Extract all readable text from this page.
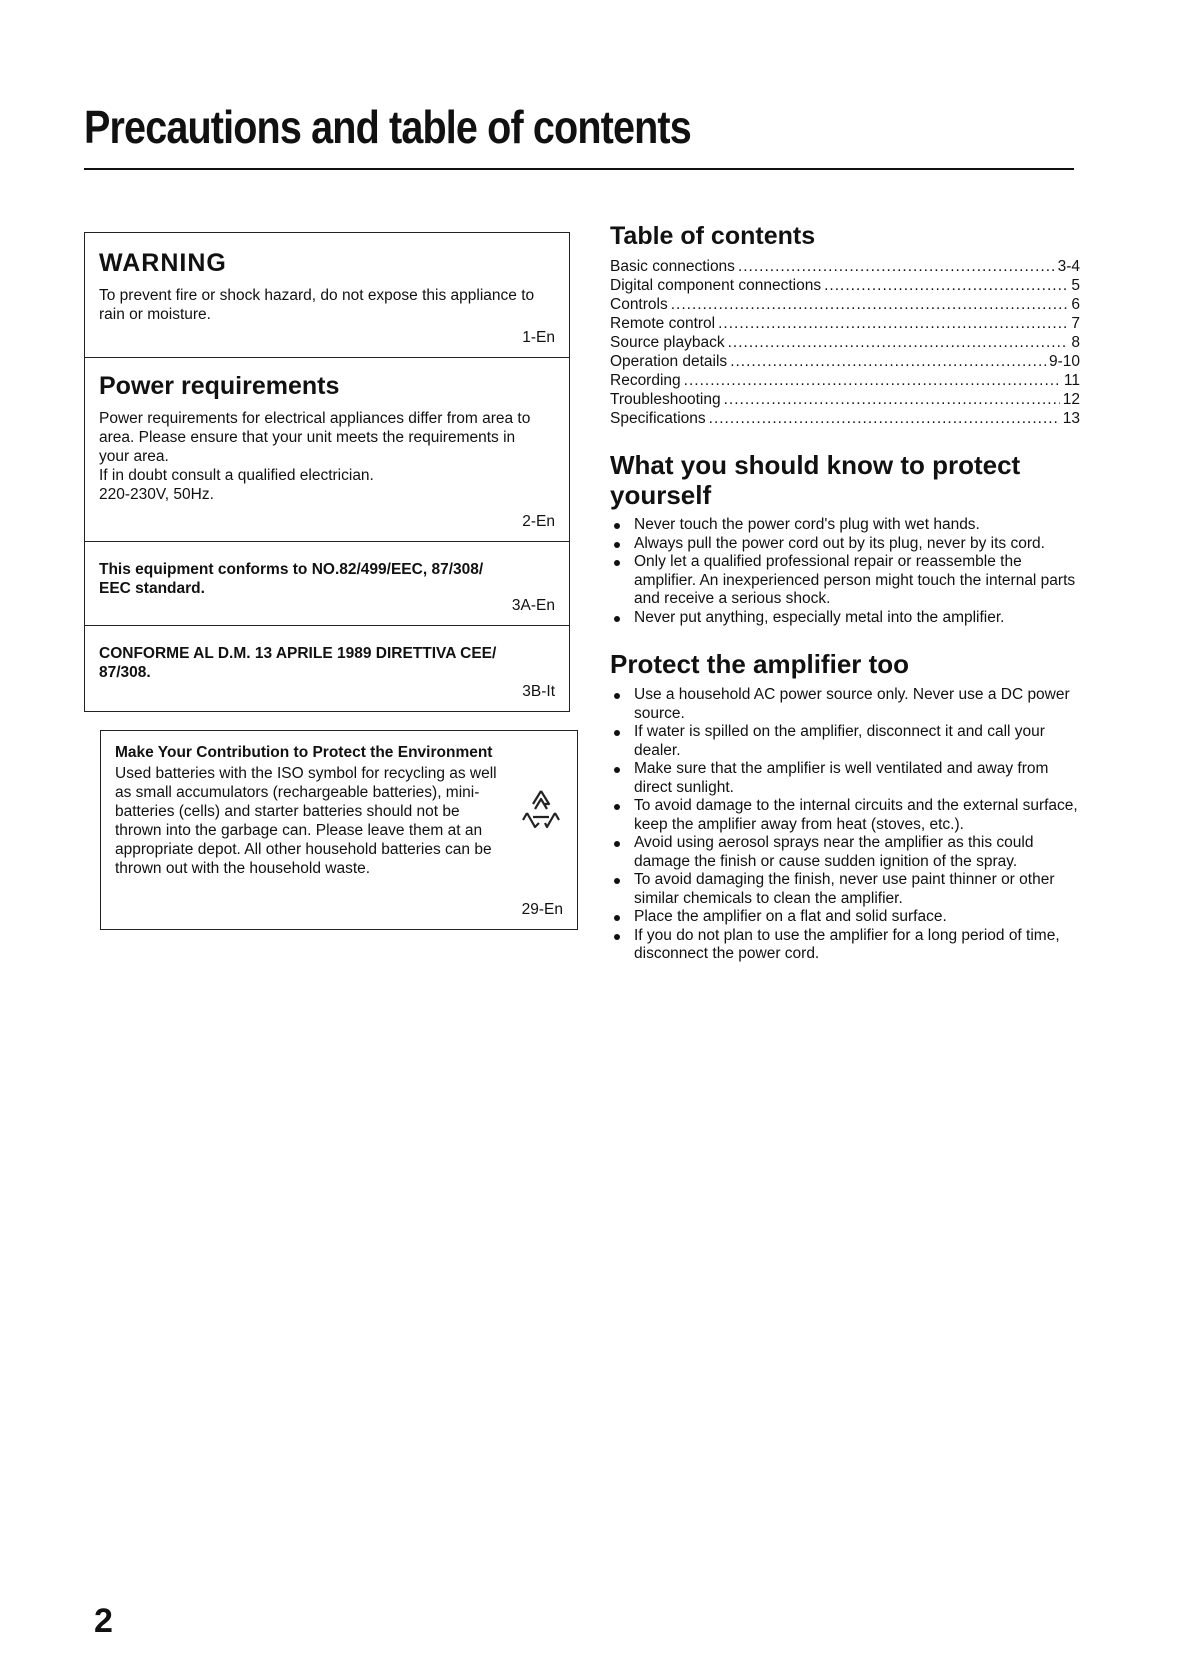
Precautions and table of contents
WARNING

To prevent fire or shock hazard, do not expose this appliance to rain or moisture.

1-En
Power requirements

Power requirements for electrical appliances differ from area to area. Please ensure that your unit meets the requirements in your area.

If in doubt consult a qualified electrician.

220-230V, 50Hz.

2-En

This equipment conforms to NO.82/499/EEC, 87/308/ EEC standard.

3A-En

CONFORME AL D.M. 13 APRILE 1989 DIRETTIVA CEE/ 87/308.

3B-It

Make Your Contribution to Protect the Environment

Used batteries with the ISO symbol for recycling as well as small accumulators (rechargeable batteries), mini-batteries (cells) and starter batteries should not be thrown into the garbage can. Please leave them at an appropriate depot. All other household batteries can be thrown out with the household waste.

29-En
Table of contents
Basic connections .....	3-4
Digital component connections .....	5
Controls .....	6
Remote control .....	7
Source playback .....	8
Operation details .....	9-10
Recording .....	11
Troubleshooting .....	12
Specifications .....	13
What you should know to protect yourself
Never touch the power cord's plug with wet hands.
Always pull the power cord out by its plug, never by its cord.
Only let a qualified professional repair or reassemble the amplifier. An inexperienced person might touch the internal parts and receive a serious shock.
Never put anything, especially metal into the amplifier.
Protect the amplifier too
Use a household AC power source only. Never use a DC power source.
If water is spilled on the amplifier, disconnect it and call your dealer.
Make sure that the amplifier is well ventilated and away from direct sunlight.
To avoid damage to the internal circuits and the external surface, keep the amplifier away from heat (stoves, etc.).
Avoid using aerosol sprays near the amplifier as this could damage the finish or cause sudden ignition of the spray.
To avoid damaging the finish, never use paint thinner or other similar chemicals to clean the amplifier.
Place the amplifier on a flat and solid surface.
If you do not plan to use the amplifier for a long period of time, disconnect the power cord.
2
